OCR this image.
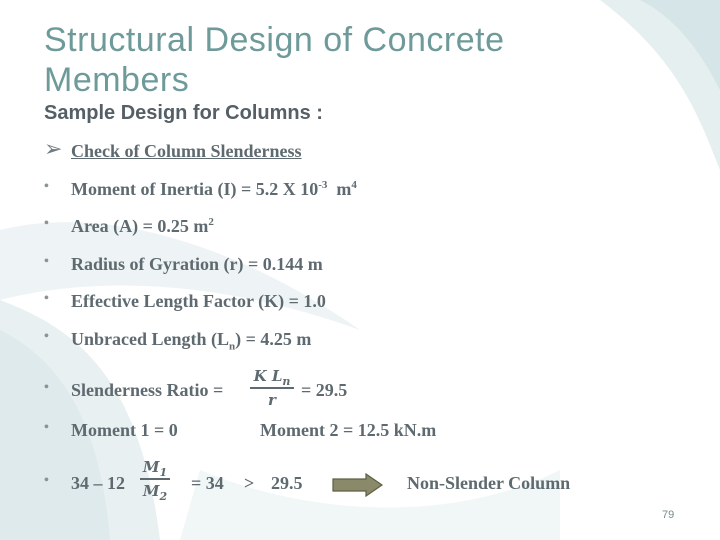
Structural Design of Concrete Members
Sample Design for Columns :
➢ Check of Column Slenderness
• Moment of Inertia (I) = 5.2 X $10^{-3}$ $m^4$
• Area (A) = 0.25 $m^2$
• Radius of Gyration (r) = 0.144 m
• Effective Length Factor (K) = 1.0
• Unbraced Length $(L_n) = 4.25$ m
• Slenderness Ratio =	= 29.5
K $L_n$
r
• Moment 1 = 0	Moment 2 = 12.5 kN.m
• 34 – 12	= 34 > 29.5	Non-Slender Column
$M_1$
$M_2$
79
